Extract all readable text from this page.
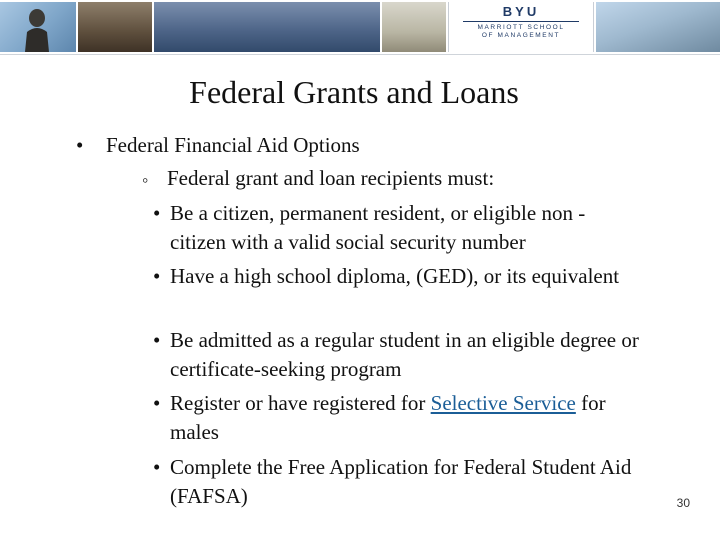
BYU
MARRIOTT SCHOOL
OF MANAGEMENT
Federal Grants and Loans
• Federal Financial Aid Options
◦ Federal grant and loan recipients must:
• Be a citizen, permanent resident, or eligible non -citizen with a valid social security number
• Have a high school diploma, (GED), or its equivalent
• Be admitted as a regular student in an eligible degree or certificate-seeking program
• Register or have registered for Selective Service for males
• Complete the Free Application for Federal Student Aid (FAFSA)	30
